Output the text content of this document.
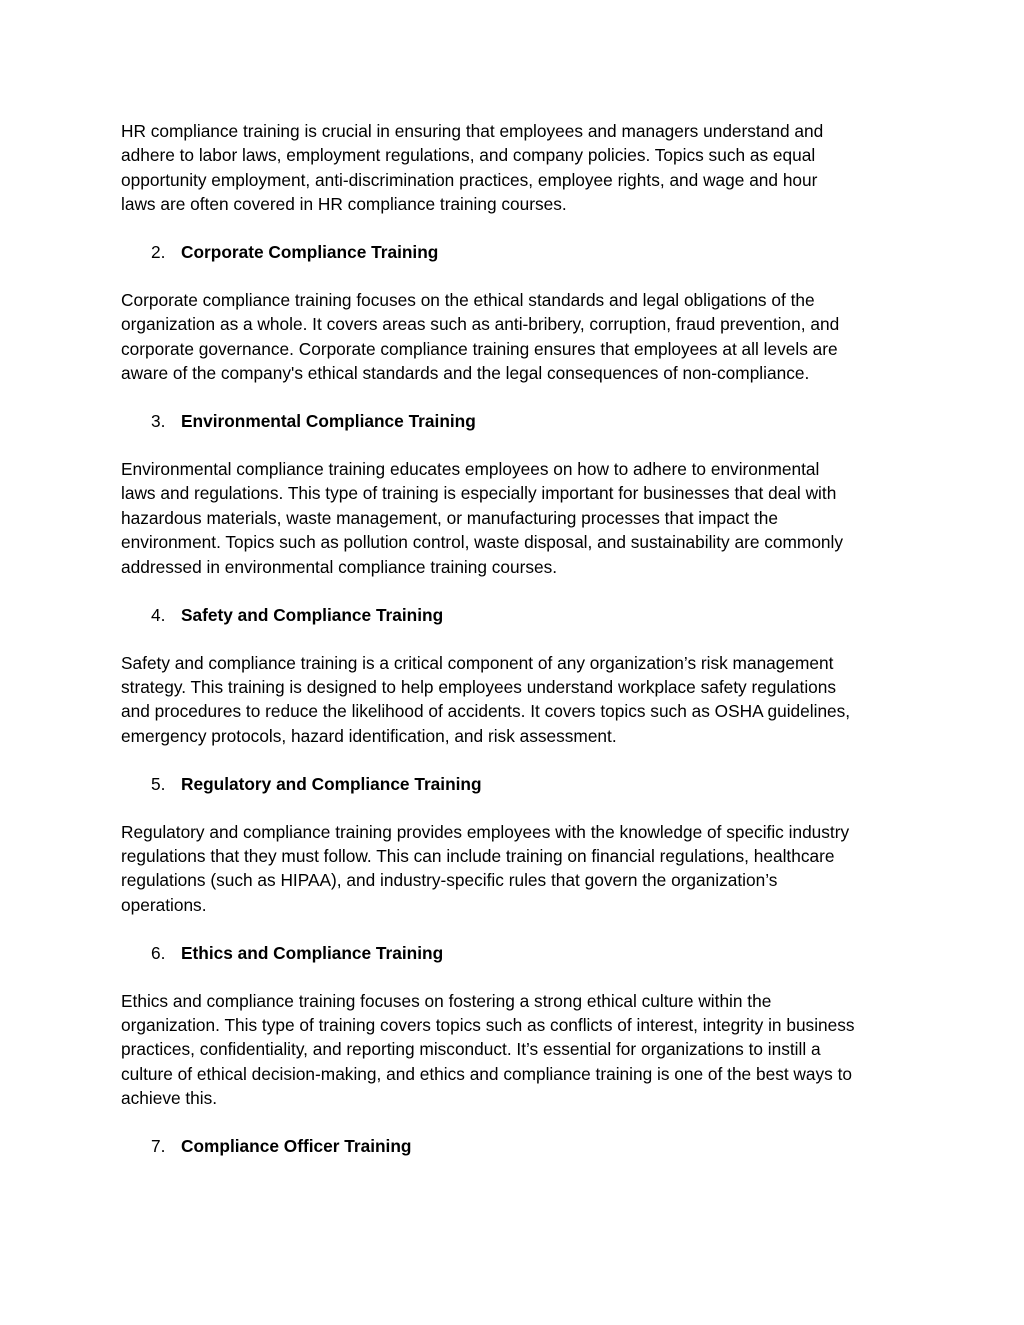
HR compliance training is crucial in ensuring that employees and managers understand and
adhere to labor laws, employment regulations, and company policies. Topics such as equal
opportunity employment, anti-discrimination practices, employee rights, and wage and hour
laws are often covered in HR compliance training courses.

2. Corporate Compliance Training

Corporate compliance training focuses on the ethical standards and legal obligations of the
organization as a whole. It covers areas such as anti-bribery, corruption, fraud prevention, and
corporate governance. Corporate compliance training ensures that employees at all levels are
aware of the company's ethical standards and the legal consequences of non-compliance.

3. Environmental Compliance Training

Environmental compliance training educates employees on how to adhere to environmental
laws and regulations. This type of training is especially important for businesses that deal with
hazardous materials, waste management, or manufacturing processes that impact the
environment. Topics such as pollution control, waste disposal, and sustainability are commonly
addressed in environmental compliance training courses.

4. Safety and Compliance Training

Safety and compliance training is a critical component of any organization’s risk management
strategy. This training is designed to help employees understand workplace safety regulations
and procedures to reduce the likelihood of accidents. It covers topics such as OSHA guidelines,
emergency protocols, hazard identification, and risk assessment.

5. Regulatory and Compliance Training

Regulatory and compliance training provides employees with the knowledge of specific industry
regulations that they must follow. This can include training on financial regulations, healthcare
regulations (such as HIPAA), and industry-specific rules that govern the organization’s
operations.

6. Ethics and Compliance Training

Ethics and compliance training focuses on fostering a strong ethical culture within the
organization. This type of training covers topics such as conflicts of interest, integrity in business
practices, confidentiality, and reporting misconduct. It’s essential for organizations to instill a
culture of ethical decision-making, and ethics and compliance training is one of the best ways to
achieve this.

7. Compliance Officer Training
